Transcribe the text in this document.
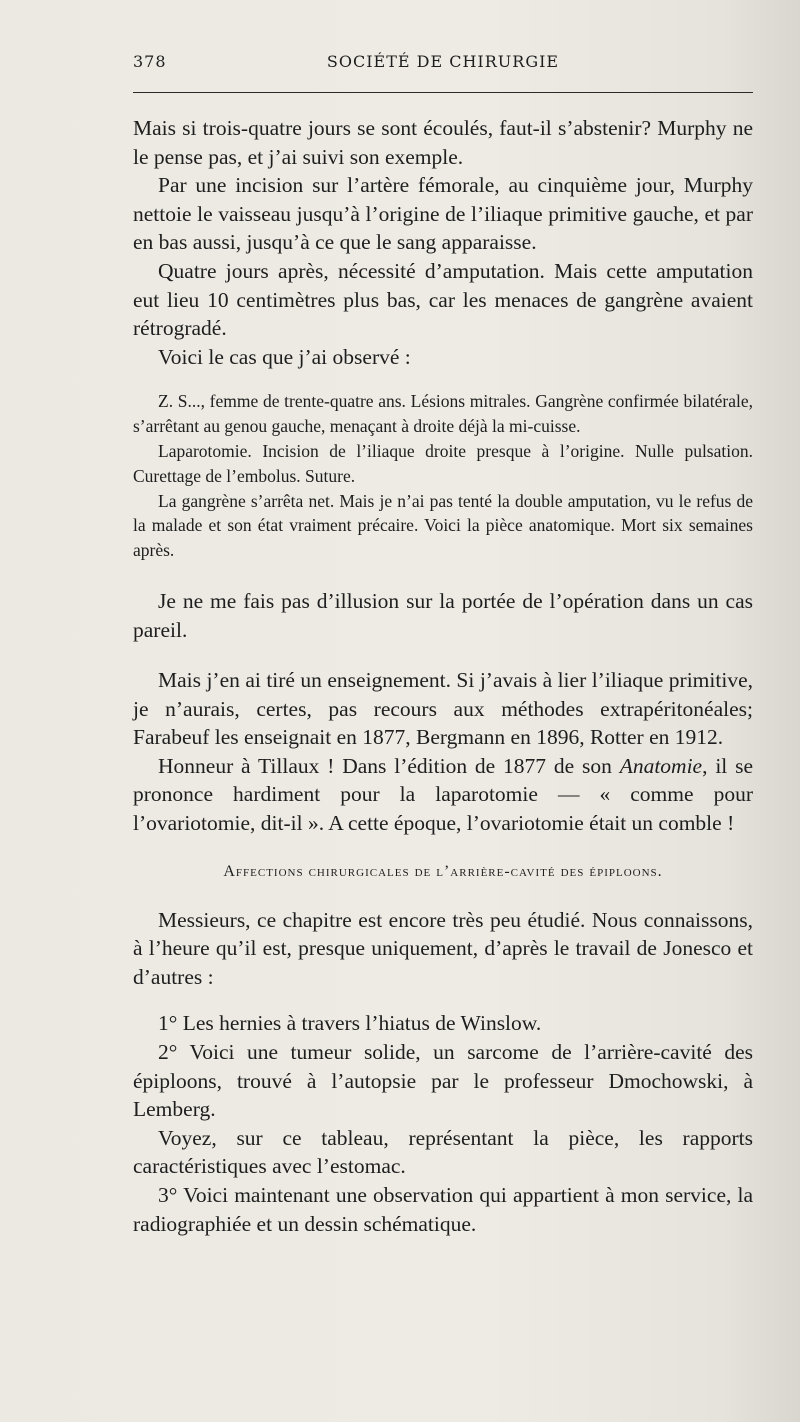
378	SOCIÉTÉ DE CHIRURGIE

Mais si trois-quatre jours se sont écoulés, faut-il s’abstenir? Murphy ne le pense pas, et j’ai suivi son exemple.

Par une incision sur l’artère fémorale, au cinquième jour, Murphy nettoie le vaisseau jusqu’à l’origine de l’iliaque primitive gauche, et par en bas aussi, jusqu’à ce que le sang apparaisse.

Quatre jours après, nécessité d’amputation. Mais cette amputation eut lieu 10 centimètres plus bas, car les menaces de gangrène avaient rétrogradé.

Voici le cas que j’ai observé :

Z. S..., femme de trente-quatre ans. Lésions mitrales. Gangrène confirmée bilatérale, s’arrêtant au genou gauche, menaçant à droite déjà la mi-cuisse.

Laparotomie. Incision de l’iliaque droite presque à l’origine. Nulle pulsation. Curettage de l’embolus. Suture.

La gangrène s’arrêta net. Mais je n’ai pas tenté la double amputation, vu le refus de la malade et son état vraiment précaire. Voici la pièce anatomique. Mort six semaines après.

Je ne me fais pas d’illusion sur la portée de l’opération dans un cas pareil.

Mais j’en ai tiré un enseignement. Si j’avais à lier l’iliaque primitive, je n’aurais, certes, pas recours aux méthodes extrapéritonéales; Farabeuf les enseignait en 1877, Bergmann en 1896, Rotter en 1912.

Honneur à Tillaux ! Dans l’édition de 1877 de son Anatomie, il se prononce hardiment pour la laparotomie — « comme pour l’ovariotomie, dit-il ». A cette époque, l’ovariotomie était un comble !

Affections chirurgicales de l’arrière-cavité des épiploons.

Messieurs, ce chapitre est encore très peu étudié. Nous connaissons, à l’heure qu’il est, presque uniquement, d’après le travail de Jonesco et d’autres :

1° Les hernies à travers l’hiatus de Winslow.

2° Voici une tumeur solide, un sarcome de l’arrière-cavité des épiploons, trouvé à l’autopsie par le professeur Dmochowski, à Lemberg.

Voyez, sur ce tableau, représentant la pièce, les rapports caractéristiques avec l’estomac.

3° Voici maintenant une observation qui appartient à mon service, la radiographiée et un dessin schématique.
